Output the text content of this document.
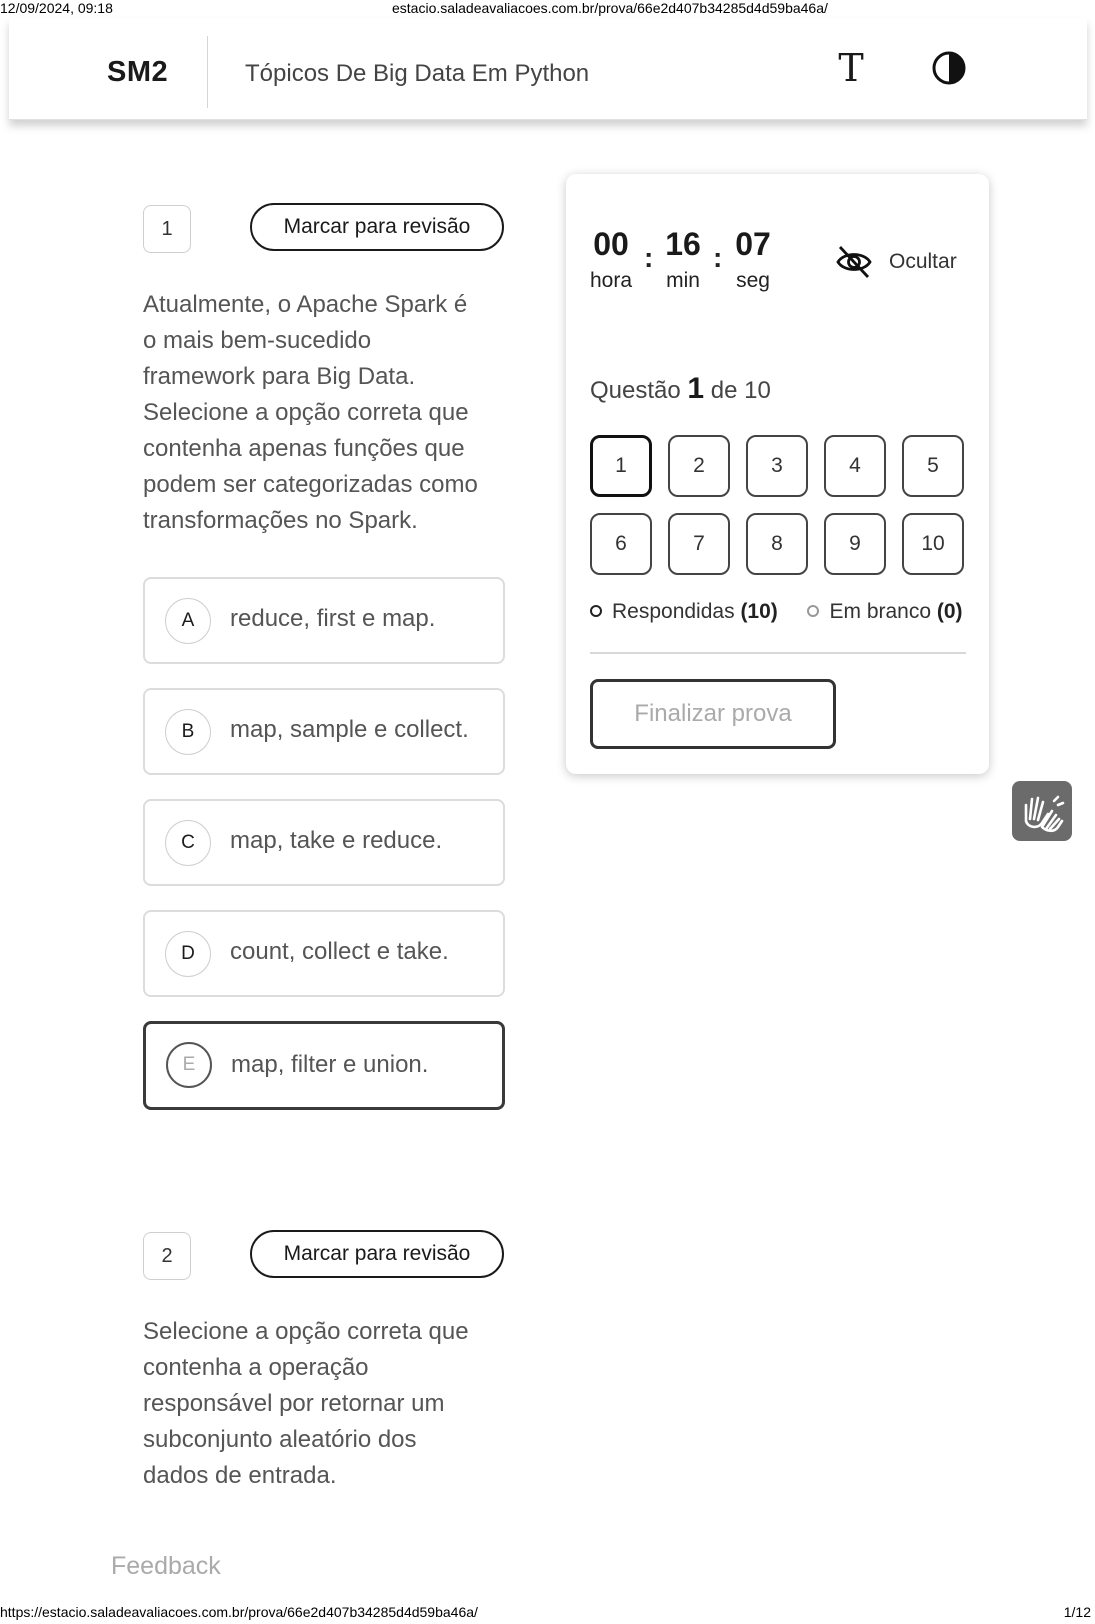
12/09/2024, 09:18	estacio.saladeavaliacoes.com.br/prova/66e2d407b34285d4d59ba46a/
SM2	Tópicos De Big Data Em Python	T
1	Marcar para revisão
Atualmente, o Apache Spark é
o mais bem-sucedido
framework para Big Data.
Selecione a opção correta que
contenha apenas funções que
podem ser categorizadas como
transformações no Spark.
A	reduce, first e map.
B	map, sample e collect.
C	map, take e reduce.
D	count, collect e take.
E	map, filter e union.
2	Marcar para revisão
Selecione a opção correta que
contenha a operação
responsável por retornar um
subconjunto aleatório dos
dados de entrada.
00
hora
: 16
min
: 07
seg
Ocultar
Questão 1 de 10
1	2	3	4	5
6	7	8	9	10
Respondidas (10) Em branco (0)
Finalizar prova
Feedback
https://estacio.saladeavaliacoes.com.br/prova/66e2d407b34285d4d59ba46a/	1/12
